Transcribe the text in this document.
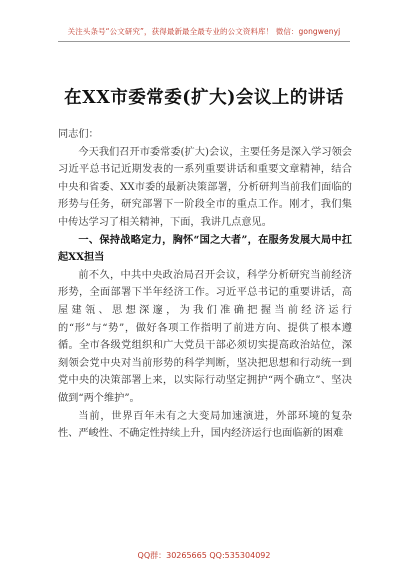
关注头条号“公文研究”，获得最新最全最专业的公文资料库！ 微信：gongwenyj
在XX市委常委(扩大)会议上的讲话

同志们：

今天我们召开市委常委(扩大)会议，主要任务是深入学习领会习近平总书记近期发表的一系列重要讲话和重要文章精神，结合中央和省委、XX市委的最新决策部署，分析研判当前我们面临的形势与任务，研究部署下一阶段全市的重点工作。刚才，我们集中传达学习了相关精神，下面，我讲几点意见。

一、保持战略定力，胸怀“国之大者”，在服务发展大局中扛起XX担当

前不久，中共中央政治局召开会议，科学分析研究当前经济形势，全面部署下半年经济工作。习近平总书记的重要讲话，高屋建瓴、思想深邃，为我们准确把握当前经济运行的“形”与“势”，做好各项工作指明了前进方向、提供了根本遵循。全市各级党组织和广大党员干部必须切实提高政治站位，深刻领会党中央对当前形势的科学判断，坚决把思想和行动统一到党中央的决策部署上来，以实际行动坚定拥护“两个确立”、坚决做到“两个维护”。

当前，世界百年未有之大变局加速演进，外部环境的复杂性、严峻性、不确定性持续上升，国内经济运行也面临新的困难

QQ群：30265665 QQ:535304092
